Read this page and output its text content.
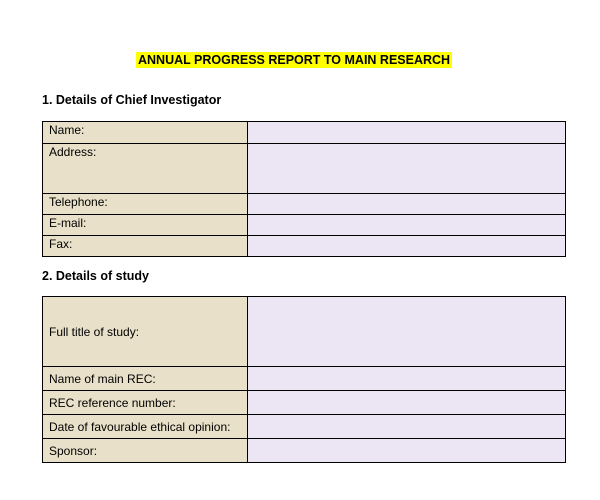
ANNUAL PROGRESS REPORT TO MAIN RESEARCH
1. Details of Chief Investigator
Name:	
Address:	
Telephone:	
E-mail:	
Fax:	
2. Details of study
Full title of study:	
Name of main REC:	
REC reference number:	
Date of favourable ethical opinion:	
Sponsor:	
